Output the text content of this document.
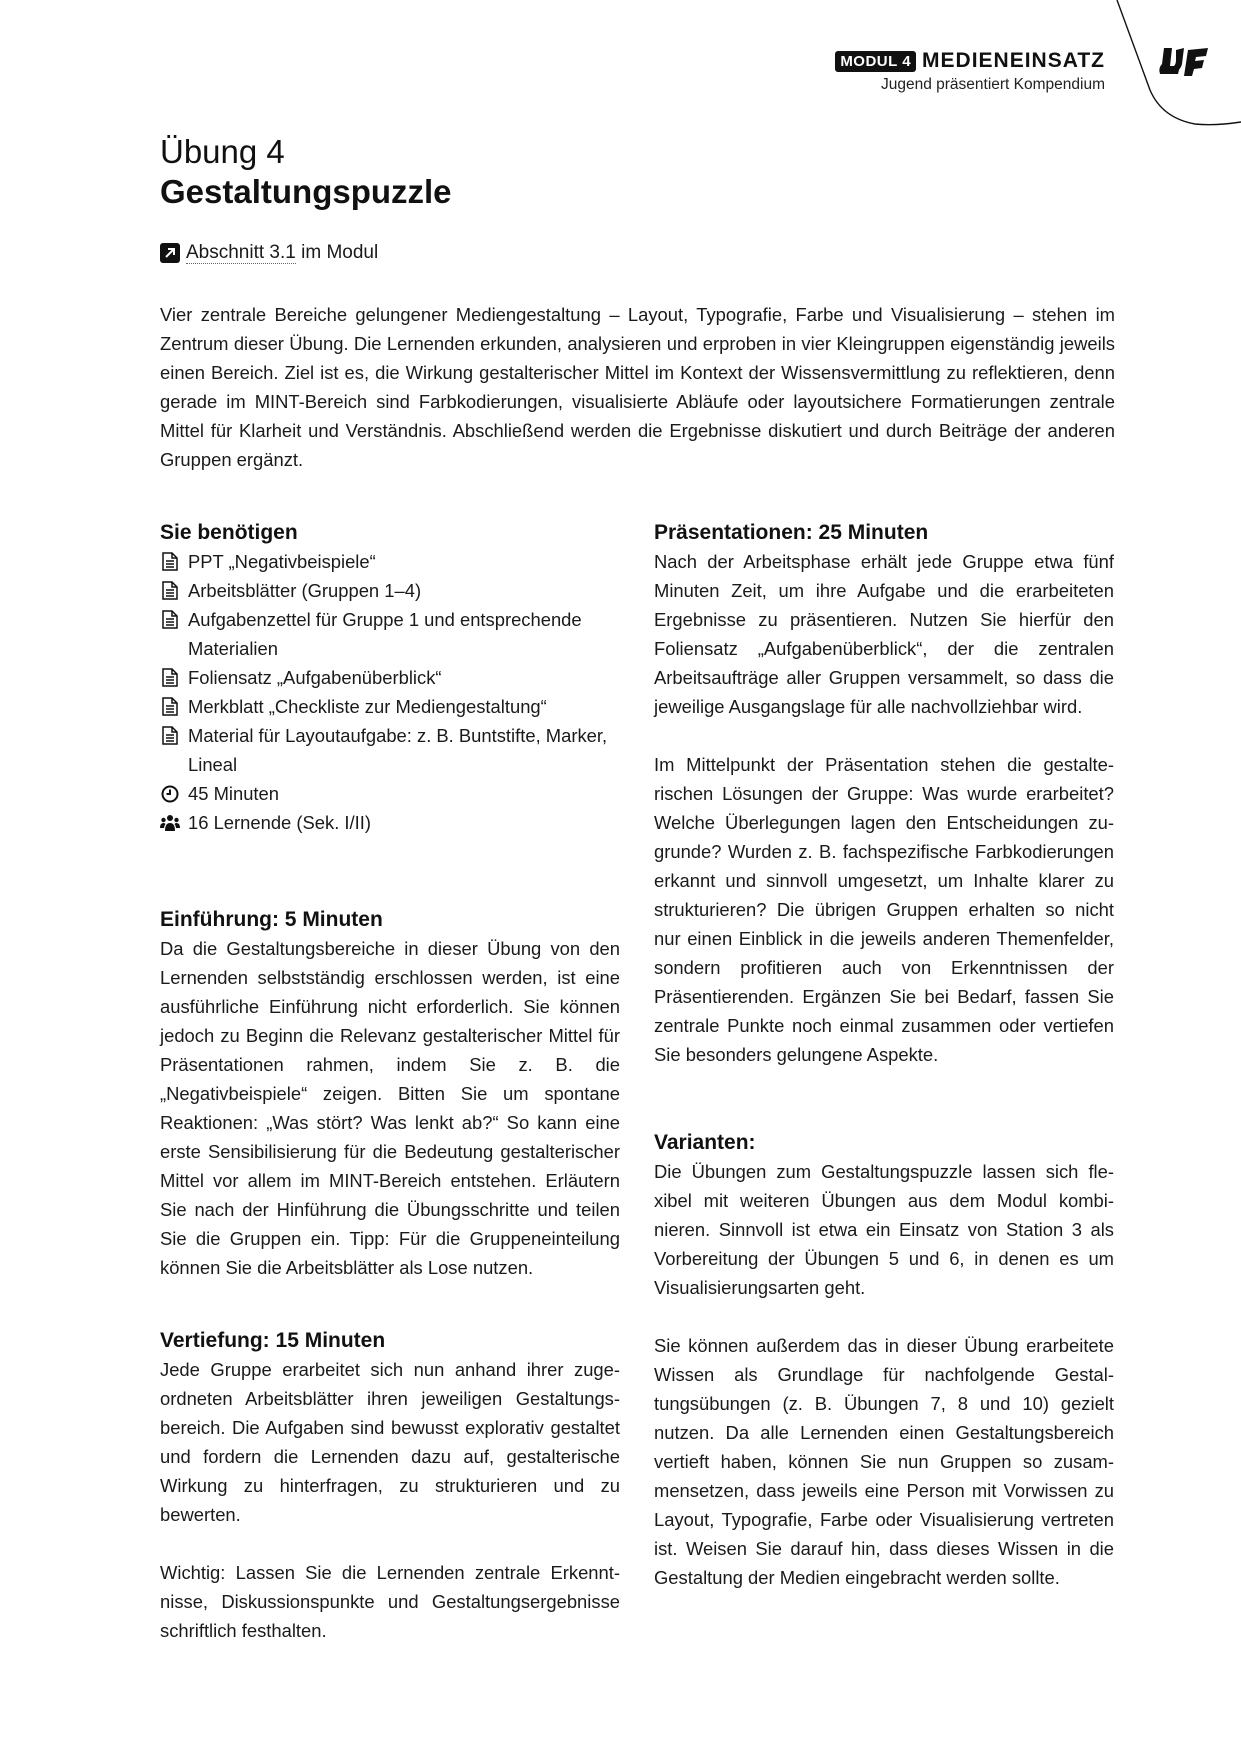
MODUL 4 MEDIENEINSATZ
Jugend präsentiert Kompendium
Übung 4
Gestaltungspuzzle
Abschnitt 3.1 im Modul

Vier zentrale Bereiche gelungener Mediengestaltung – Layout, Typografie, Farbe und Visualisierung – stehen im Zentrum dieser Übung. Die Lernenden erkunden, analysieren und erproben in vier Kleingruppen eigenständig jeweils einen Bereich. Ziel ist es, die Wirkung gestalterischer Mittel im Kontext der Wissensvermittlung zu reflektieren, denn gerade im MINT-Bereich sind Farbkodierungen, visualisierte Abläufe oder layoutsichere Formatierungen zentrale Mittel für Klarheit und Verständnis. Abschließend werden die Ergebnisse diskutiert und durch Beiträge der anderen Gruppen ergänzt.

Sie benötigen
PPT „Negativbeispiele“
Arbeitsblätter (Gruppen 1–4)
Aufgabenzettel für Gruppe 1 und entsprechende Materialien
Foliensatz „Aufgabenüberblick“
Merkblatt „Checkliste zur Mediengestaltung“
Material für Layoutaufgabe: z. B. Buntstifte, Marker, Lineal
45 Minuten
16 Lernende (Sek. I/II)
Einführung: 5 Minuten

Da die Gestaltungsbereiche in dieser Übung von den Lernenden selbstständig erschlossen werden, ist eine ausführliche Einführung nicht erforderlich. Sie können jedoch zu Beginn die Relevanz gestalterischer Mittel für Präsentationen rahmen, indem Sie z. B. die „Negativbeispiele“ zeigen. Bitten Sie um spontane Reaktionen: „Was stört? Was lenkt ab?“ So kann eine erste Sensibilisierung für die Bedeutung gestalterischer Mittel vor allem im MINT-Bereich entstehen. Erläutern Sie nach der Hinführung die Übungsschritte und teilen Sie die Gruppen ein. Tipp: Für die Gruppeneinteilung können Sie die Arbeitsblätter als Lose nutzen.

Vertiefung: 15 Minuten

Jede Gruppe erarbeitet sich nun anhand ihrer zugeordneten Arbeitsblätter ihren jeweiligen Gestaltungsbereich. Die Aufgaben sind bewusst explorativ gestaltet und fordern die Lernenden dazu auf, gestalterische Wirkung zu hinterfragen, zu strukturieren und zu bewerten.

Wichtig: Lassen Sie die Lernenden zentrale Erkenntnisse, Diskussionspunkte und Gestaltungsergebnisse schriftlich festhalten.

Präsentationen: 25 Minuten

Nach der Arbeitsphase erhält jede Gruppe etwa fünf Minuten Zeit, um ihre Aufgabe und die erarbeiteten Ergebnisse zu präsentieren. Nutzen Sie hierfür den Foliensatz „Aufgabenüberblick“, der die zentralen Arbeitsaufträge aller Gruppen versammelt, so dass die jeweilige Ausgangslage für alle nachvollziehbar wird.

Im Mittelpunkt der Präsentation stehen die gestalterischen Lösungen der Gruppe: Was wurde erarbeitet? Welche Überlegungen lagen den Entscheidungen zugrunde? Wurden z. B. fachspezifische Farbkodierungen erkannt und sinnvoll umgesetzt, um Inhalte klarer zu strukturieren? Die übrigen Gruppen erhalten so nicht nur einen Einblick in die jeweils anderen Themenfelder, sondern profitieren auch von Erkenntnissen der Präsentierenden. Ergänzen Sie bei Bedarf, fassen Sie zentrale Punkte noch einmal zusammen oder vertiefen Sie besonders gelungene Aspekte.

Varianten:

Die Übungen zum Gestaltungspuzzle lassen sich flexibel mit weiteren Übungen aus dem Modul kombinieren. Sinnvoll ist etwa ein Einsatz von Station 3 als Vorbereitung der Übungen 5 und 6, in denen es um Visualisierungsarten geht.

Sie können außerdem das in dieser Übung erarbeitete Wissen als Grundlage für nachfolgende Gestaltungsübungen (z. B. Übungen 7, 8 und 10) gezielt nutzen. Da alle Lernenden einen Gestaltungsbereich vertieft haben, können Sie nun Gruppen so zusammensetzen, dass jeweils eine Person mit Vorwissen zu Layout, Typografie, Farbe oder Visualisierung vertreten ist. Weisen Sie darauf hin, dass dieses Wissen in die Gestaltung der Medien eingebracht werden sollte.
